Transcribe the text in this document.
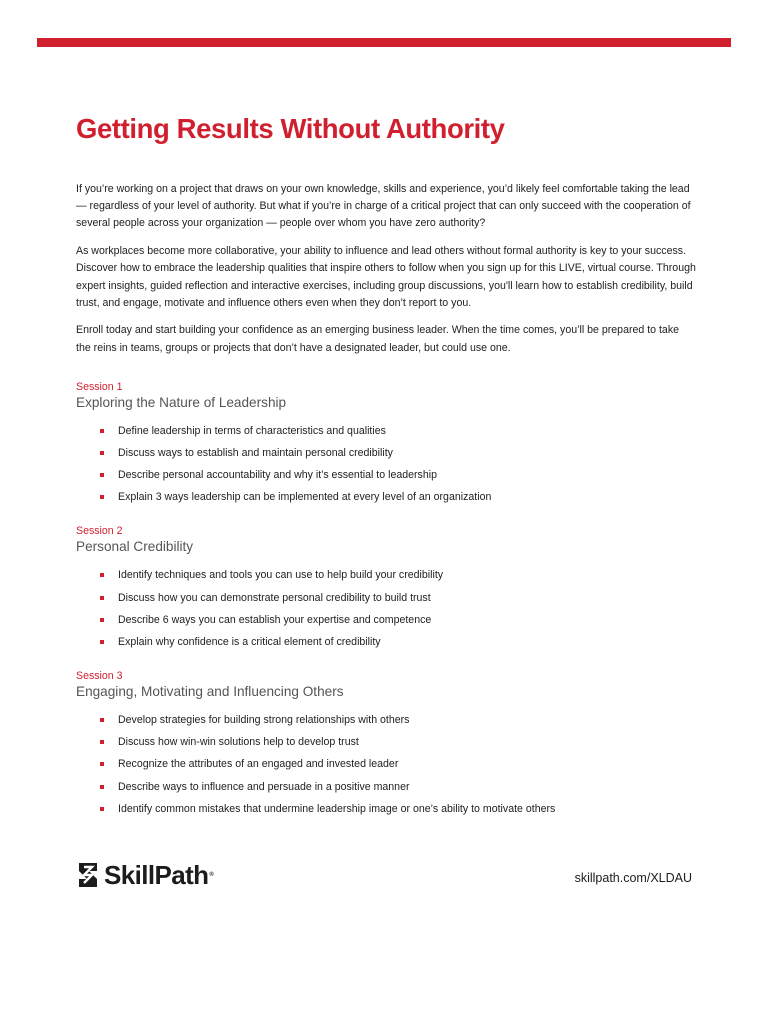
Getting Results Without Authority

If you’re working on a project that draws on your own knowledge, skills and experience, you’d likely feel comfortable taking the lead — regardless of your level of authority. But what if you’re in charge of a critical project that can only succeed with the cooperation of several people across your organization — people over whom you have zero authority?

As workplaces become more collaborative, your ability to influence and lead others without formal authority is key to your success. Discover how to embrace the leadership qualities that inspire others to follow when you sign up for this LIVE, virtual course. Through expert insights, guided reflection and interactive exercises, including group discussions, you'll learn how to establish credibility, build trust, and engage, motivate and influence others even when they don’t report to you.

Enroll today and start building your confidence as an emerging business leader. When the time comes, you’ll be prepared to take the reins in teams, groups or projects that don’t have a designated leader, but could use one.

Session 1
Exploring the Nature of Leadership
Define leadership in terms of characteristics and qualities
Discuss ways to establish and maintain personal credibility
Describe personal accountability and why it’s essential to leadership
Explain 3 ways leadership can be implemented at every level of an organization
Session 2
Personal Credibility
Identify techniques and tools you can use to help build your credibility
Discuss how you can demonstrate personal credibility to build trust
Describe 6 ways you can establish your expertise and competence
Explain why confidence is a critical element of credibility
Session 3
Engaging, Motivating and Influencing Others
Develop strategies for building strong relationships with others
Discuss how win-win solutions help to develop trust
Recognize the attributes of an engaged and invested leader
Describe ways to influence and persuade in a positive manner
Identify common mistakes that undermine leadership image or one’s ability to motivate others
SkillPath®	skillpath.com/XLDAU
